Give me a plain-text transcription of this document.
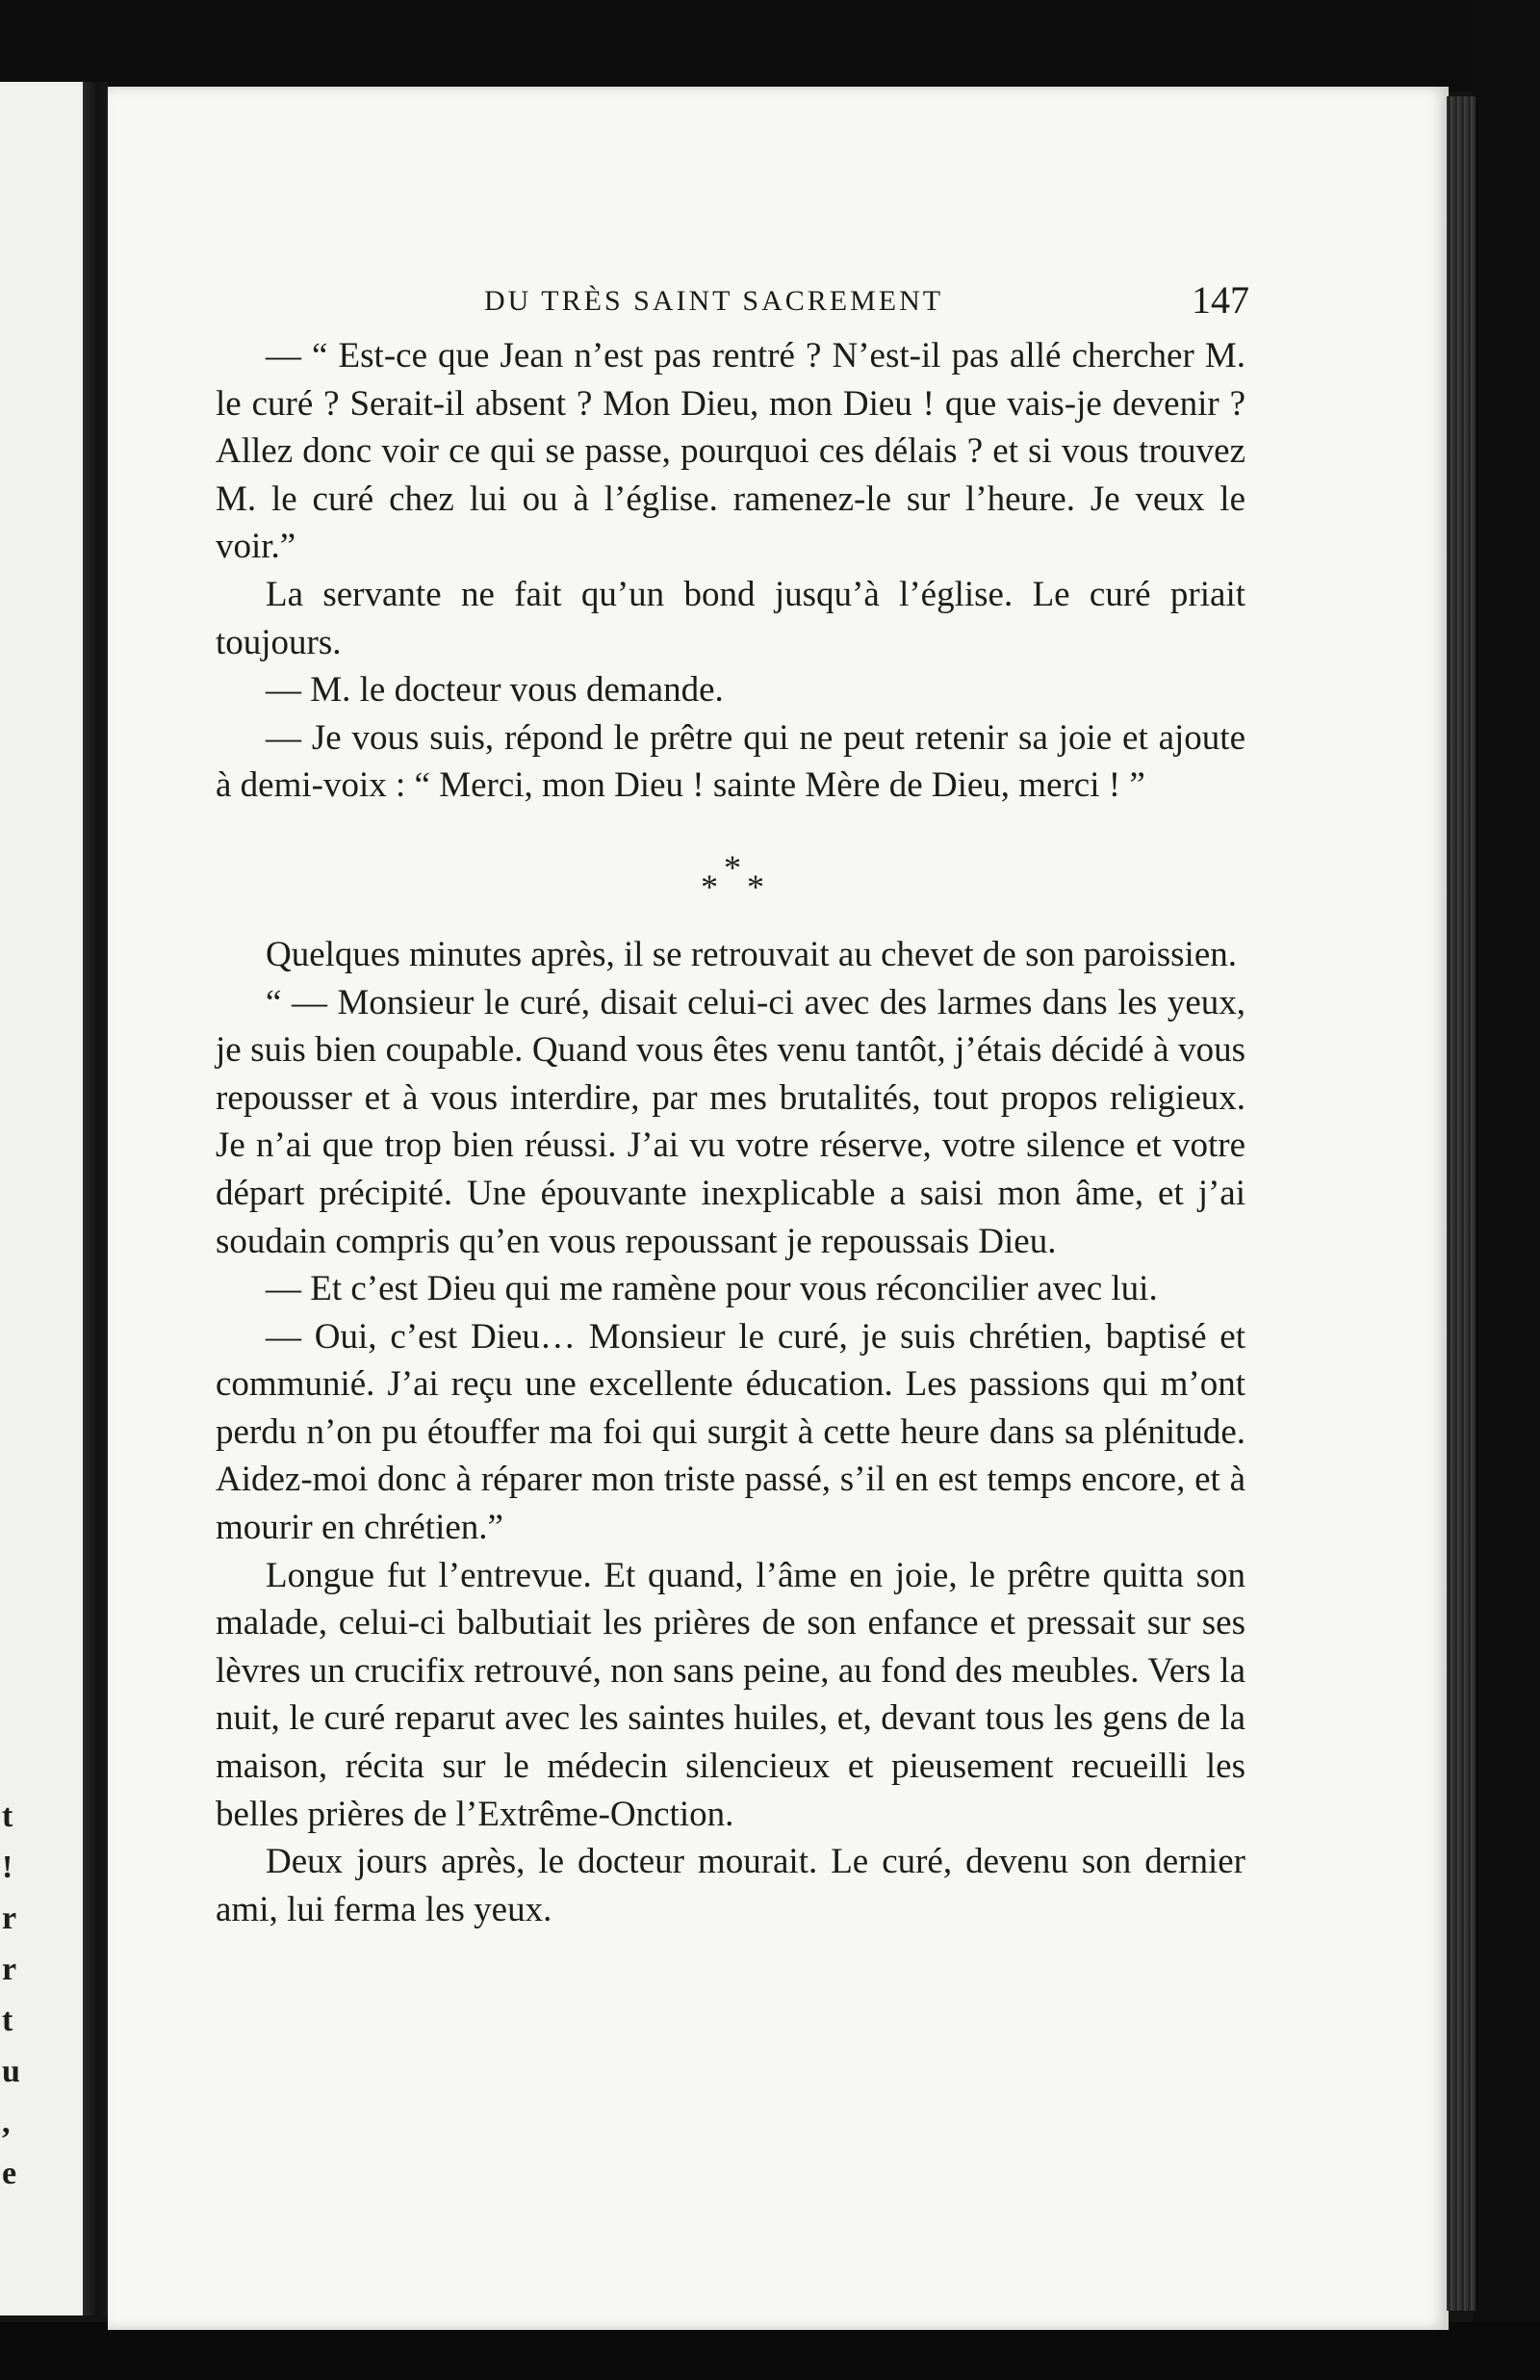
t
!
r
r
t
u
,
e
DU TRÈS SAINT SACREMENT	147

— “ Est-ce que Jean n’est pas rentré ? N’est-il pas allé chercher M. le curé ? Serait-il absent ? Mon Dieu, mon Dieu ! que vais-je devenir ? Allez donc voir ce qui se passe, pourquoi ces délais ? et si vous trouvez M. le curé chez lui ou à l’église. ramenez-le sur l’heure. Je veux le voir.”

La servante ne fait qu’un bond jusqu’à l’église. Le curé priait toujours.

— M. le docteur vous demande.

— Je vous suis, répond le prêtre qui ne peut retenir sa joie et ajoute à demi-voix : “ Merci, mon Dieu ! sainte Mère de Dieu, merci ! ”

*
* *

Quelques minutes après, il se retrouvait au chevet de son paroissien.

“ — Monsieur le curé, disait celui-ci avec des larmes dans les yeux, je suis bien coupable. Quand vous êtes venu tantôt, j’étais décidé à vous repousser et à vous interdire, par mes brutalités, tout propos religieux. Je n’ai que trop bien réussi. J’ai vu votre réserve, votre silence et votre départ précipité. Une épouvante inexplicable a saisi mon âme, et j’ai soudain compris qu’en vous repoussant je repoussais Dieu.

— Et c’est Dieu qui me ramène pour vous réconcilier avec lui.

— Oui, c’est Dieu… Monsieur le curé, je suis chrétien, baptisé et communié. J’ai reçu une excellente éducation. Les passions qui m’ont perdu n’on pu étouffer ma foi qui surgit à cette heure dans sa plénitude. Aidez-moi donc à réparer mon triste passé, s’il en est temps encore, et à mourir en chrétien.”

Longue fut l’entrevue. Et quand, l’âme en joie, le prêtre quitta son malade, celui-ci balbutiait les prières de son enfance et pressait sur ses lèvres un crucifix retrouvé, non sans peine, au fond des meubles. Vers la nuit, le curé reparut avec les saintes huiles, et, devant tous les gens de la maison, récita sur le médecin silencieux et pieusement recueilli les belles prières de l’Extrême-Onction.

Deux jours après, le docteur mourait. Le curé, devenu son dernier ami, lui ferma les yeux.
